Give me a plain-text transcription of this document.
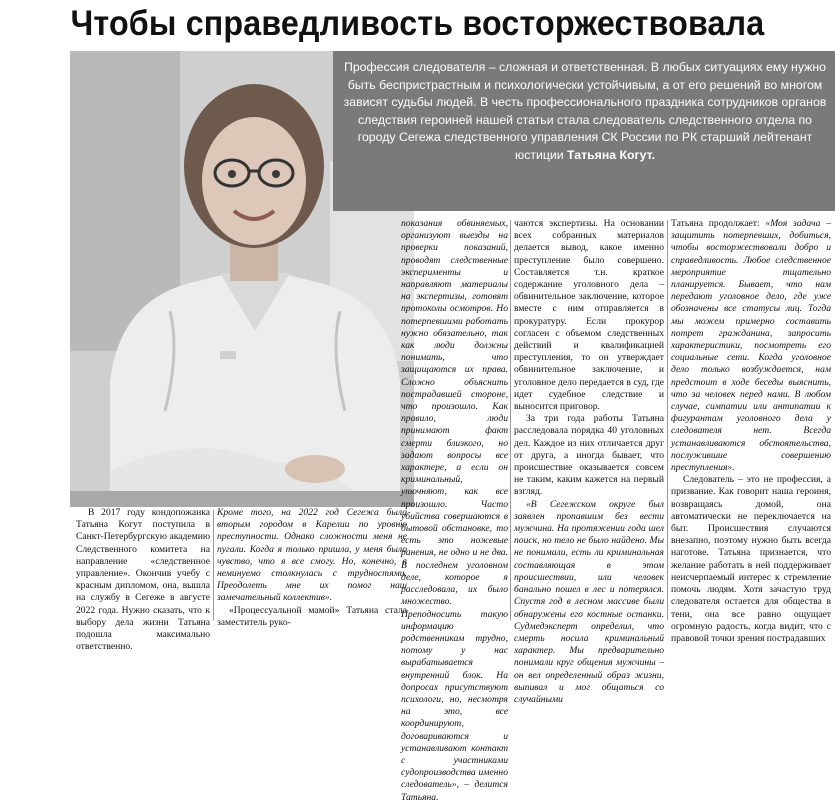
Чтобы справедливость восторжествовала
Профессия следователя – сложная и ответственная. В любых ситуациях ему нужно быть беспристрастным и психологически устойчивым, а от его решений во многом зависят судьбы людей. В честь профессионального праздника сотрудников органов следствия героиней нашей статьи стала следователь следственного отдела по городу Сегежа следственного управления СК России по РК старший лейтенант юстиции Татьяна Когут.

В 2017 году кондопожанка Татьяна Когут поступила в Санкт-Петербургскую академию Следственного комитета на направление «следственное управление». Окончив учебу с красным дипломом, она, вышла на службу в Сегеже в августе 2022 года. Нужно сказать, что к выбору дела жизни Татьяна подошла максимально ответственно.

Кроме того, на 2022 год Сегежа была вторым городом в Карелии по уровню преступности. Однако сложности меня не пугали. Когда я только пришла, у меня было чувство, что я все смогу. Но, конечно, я неминуемо столкнулась с трудностями. Преодолеть мне их помог наш замечательный коллектив».

«Процессуальной мамой» Татьяна стала заместитель руко-

показания обвиняемых, организуют выезды на проверки показаний, проводят следственные эксперименты и направляют материалы на экспертизы, готовят протоколы осмотров. Но потерпевшими работать нужно обязательно, так как люди должны понимать, что защищаются их права. Сложно объяснить пострадавшей стороне, что произошло. Как правило, люди принимают факт смерти близкого, но задают вопросы все характере, а если он криминальный, уточняют, как все произошло. Часто убийства совершаются в бытовой обстановке, то есть это ножевые ранения, не одно и не два. В последнем уголовном деле, которое я расследовала, их было множество. Преподносить такую информацию родственникам трудно, потому у нас вырабатывается внутренний блок. На допросах присутствуют психологи, но, несмотря на это, все координируют, договариваются и устанавливают контакт с участниками судопроизводства именно следователь», – делится Татьяна.

чаются экспертизы. На основании всех собранных материалов делается вывод, какое именно преступление было совершено. Составляется т.н. краткое содержание уголовного дела – обвинительное заключение, которое вместе с ним отправляется в прокуратуру. Если прокурор согласен с объемом следственных действий и квалификацией преступления, то он утверждает обвинительное заключение, и уголовное дело передается в суд, где идет судебное следствие и выносится приговор.

За три года работы Татьяна расследовала порядка 40 уголовных дел. Каждое из них отличается друг от друга, а иногда бывает, что происшествие оказывается совсем не таким, каким кажется на первый взгляд.

«В Сегежском округе был заявлен пропавшим без вести мужчина. На протяжении года шел поиск, но тело не было найдено. Мы не понимали, есть ли криминальная составляющая в этом происшествии, или человек банально пошел в лес и потерялся. Спустя год в лесном массиве были обнаружены его костные останки. Судмедэксперт определил, что смерть носила криминальный характер. Мы предварительно понимали круг общения мужчины – он вел определенный образ жизни, выпивал и мог общаться со случайными

Татьяна продолжает: «Моя задача – защитить потерпевших, добиться, чтобы восторжествовали добро и справедливость. Любое следственное мероприятие тщательно планируется. Бывает, что нам передают уголовное дело, где уже обозначены все статусы лиц. Тогда мы можем примерно составить потрет гражданина, запросить характеристики, посмотреть его социальные сети. Когда уголовное дело только возбуждается, нам предстоит в ходе беседы выяснить, что за человек перед нами. В любом случае, симпатии или антипатии к фигурантам уголовного дела у следователя нет. Всегда устанавливаются обстоятельства, послужившие совершению преступления».

Следователь – это не профессия, а призвание. Как говорит наша героиня, возвращаясь домой, она автоматически не переключается на быт. Происшествия случаются внезапно, поэтому нужно быть всегда наготове. Татьяна признается, что желание работать в ней поддерживает неисчерпаемый интерес к стремление помочь людям. Хотя зачастую труд следователя остается для общества в тени, она все равно ощущает огромную радость, когда видит, что с правовой точки зрения пострадавших
